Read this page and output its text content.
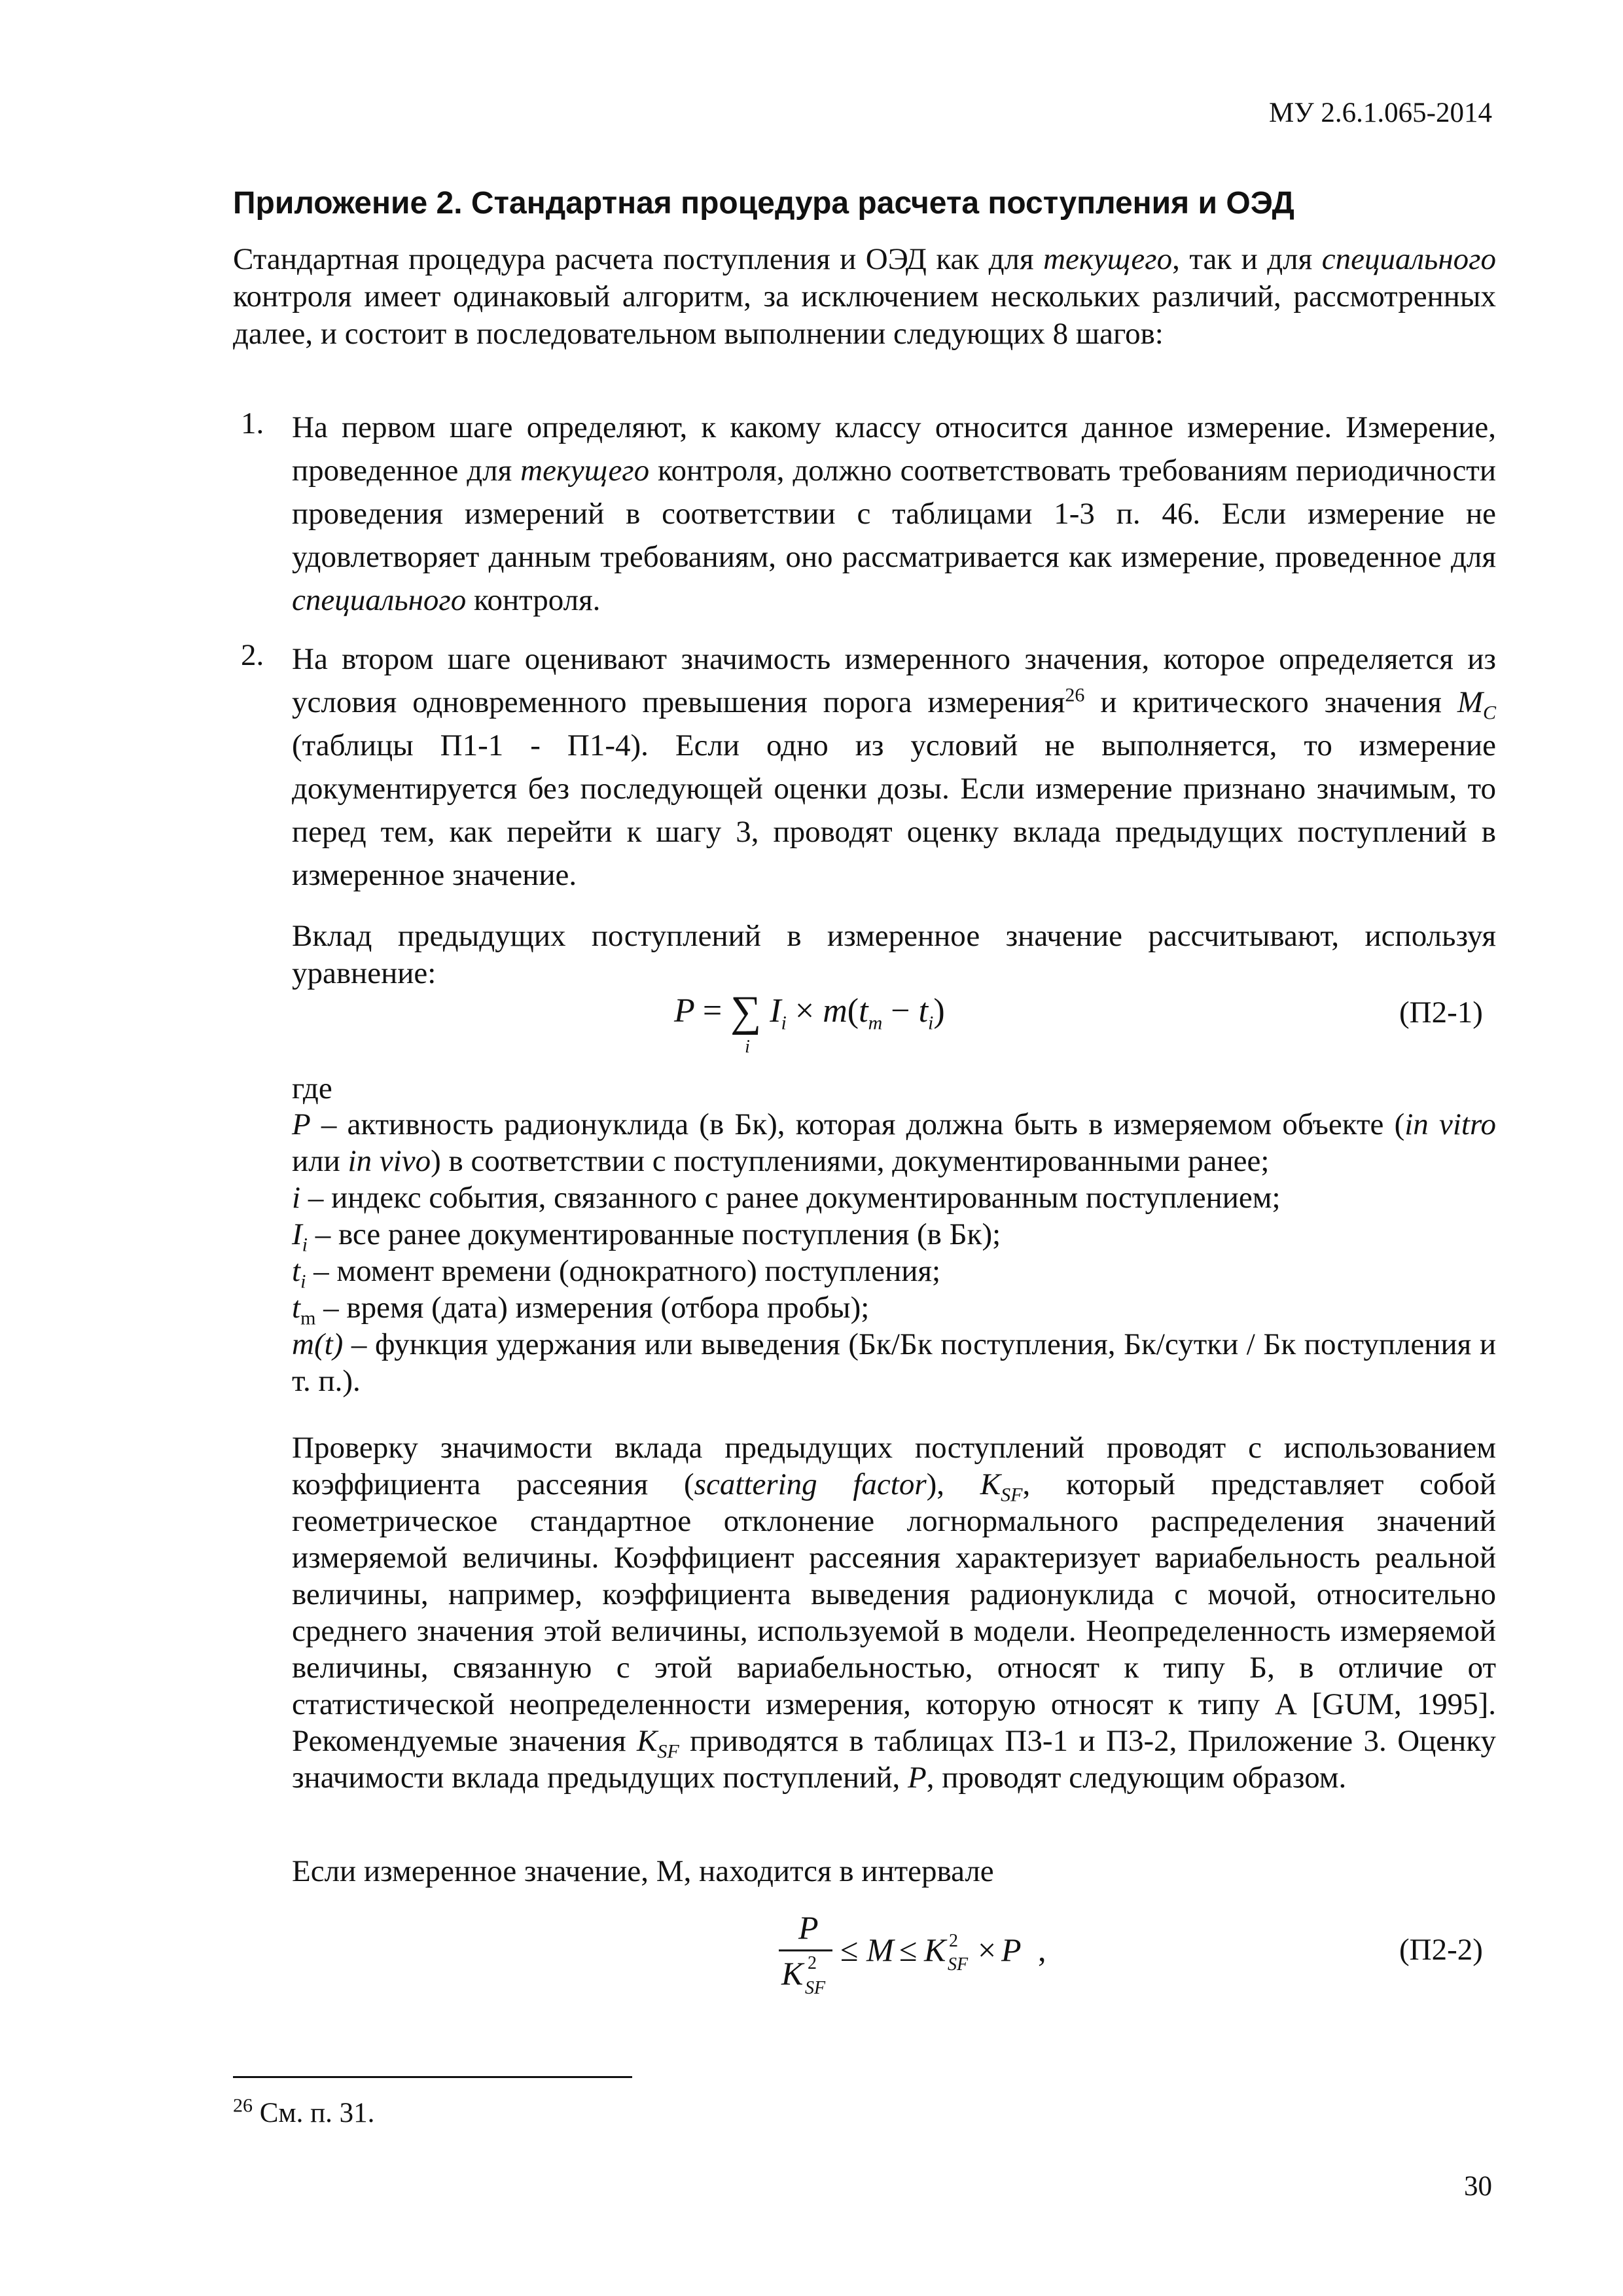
МУ 2.6.1.065-2014
Приложение 2. Стандартная процедура расчета поступления и ОЭД
Стандартная процедура расчета поступления и ОЭД как для текущего, так и для специального контроля имеет одинаковый алгоритм, за исключением нескольких различий, рассмотренных далее, и состоит в последовательном выполнении следующих 8 шагов:
1. На первом шаге определяют, к какому классу относится данное измерение. Измерение, проведенное для текущего контроля, должно соответствовать требованиям периодичности проведения измерений в соответствии с таблицами 1-3 п. 46. Если измерение не удовлетворяет данным требованиям, оно рассматривается как измерение, проведенное для специального контроля.
2. На втором шаге оценивают значимость измеренного значения, которое определяется из условия одновременного превышения порога измерения$^{26}$ и критического значения $M_C$ (таблицы П1-1 - П1-4). Если одно из условий не выполняется, то измерение документируется без последующей оценки дозы. Если измерение признано значимым, то перед тем, как перейти к шагу 3, проводят оценку вклада предыдущих поступлений в измеренное значение.
Вклад предыдущих поступлений в измеренное значение рассчитывают, используя уравнение:
P = ∑
i
$I_i \times m(t_m - t_i)$	(П2-1)
где
P – активность радионуклида (в Бк), которая должна быть в измеряемом объекте (in vitro или in vivo) в соответствии с поступлениями, документированными ранее;
i – индекс события, связанного с ранее документированным поступлением;
$I_i$ – все ранее документированные поступления (в Бк);
$t_i$ – момент времени (однократного) поступления;
$t_m$ – время (дата) измерения (отбора пробы);
m(t) – функция удержания или выведения (Бк/Бк поступления, Бк/сутки / Бк поступления и т. п.).
Проверку значимости вклада предыдущих поступлений проводят с использованием коэффициента рассеяния (scattering factor), $K_{SF}$, который представляет собой геометрическое стандартное отклонение логнормального распределения значений измеряемой величины. Коэффициент рассеяния характеризует вариабельность реальной величины, например, коэффициента выведения радионуклида с мочой, относительно среднего значения этой величины, используемой в модели. Неопределенность измеряемой величины, связанную с этой вариабельностью, относят к типу Б, в отличие от статистической неопределенности измерения, которую относят к типу А [GUM, 1995]. Рекомендуемые значения $K_{SF}$ приводятся в таблицах П3-1 и П3-2, Приложение 3. Оценку значимости вклада предыдущих поступлений, P, проводят следующим образом.
Если измеренное значение, М, находится в интервале
P
K 2
SF
≤ M ≤ K 2
SF × P ,	(П2-2)
$^{26}$ См. п. 31.
30
